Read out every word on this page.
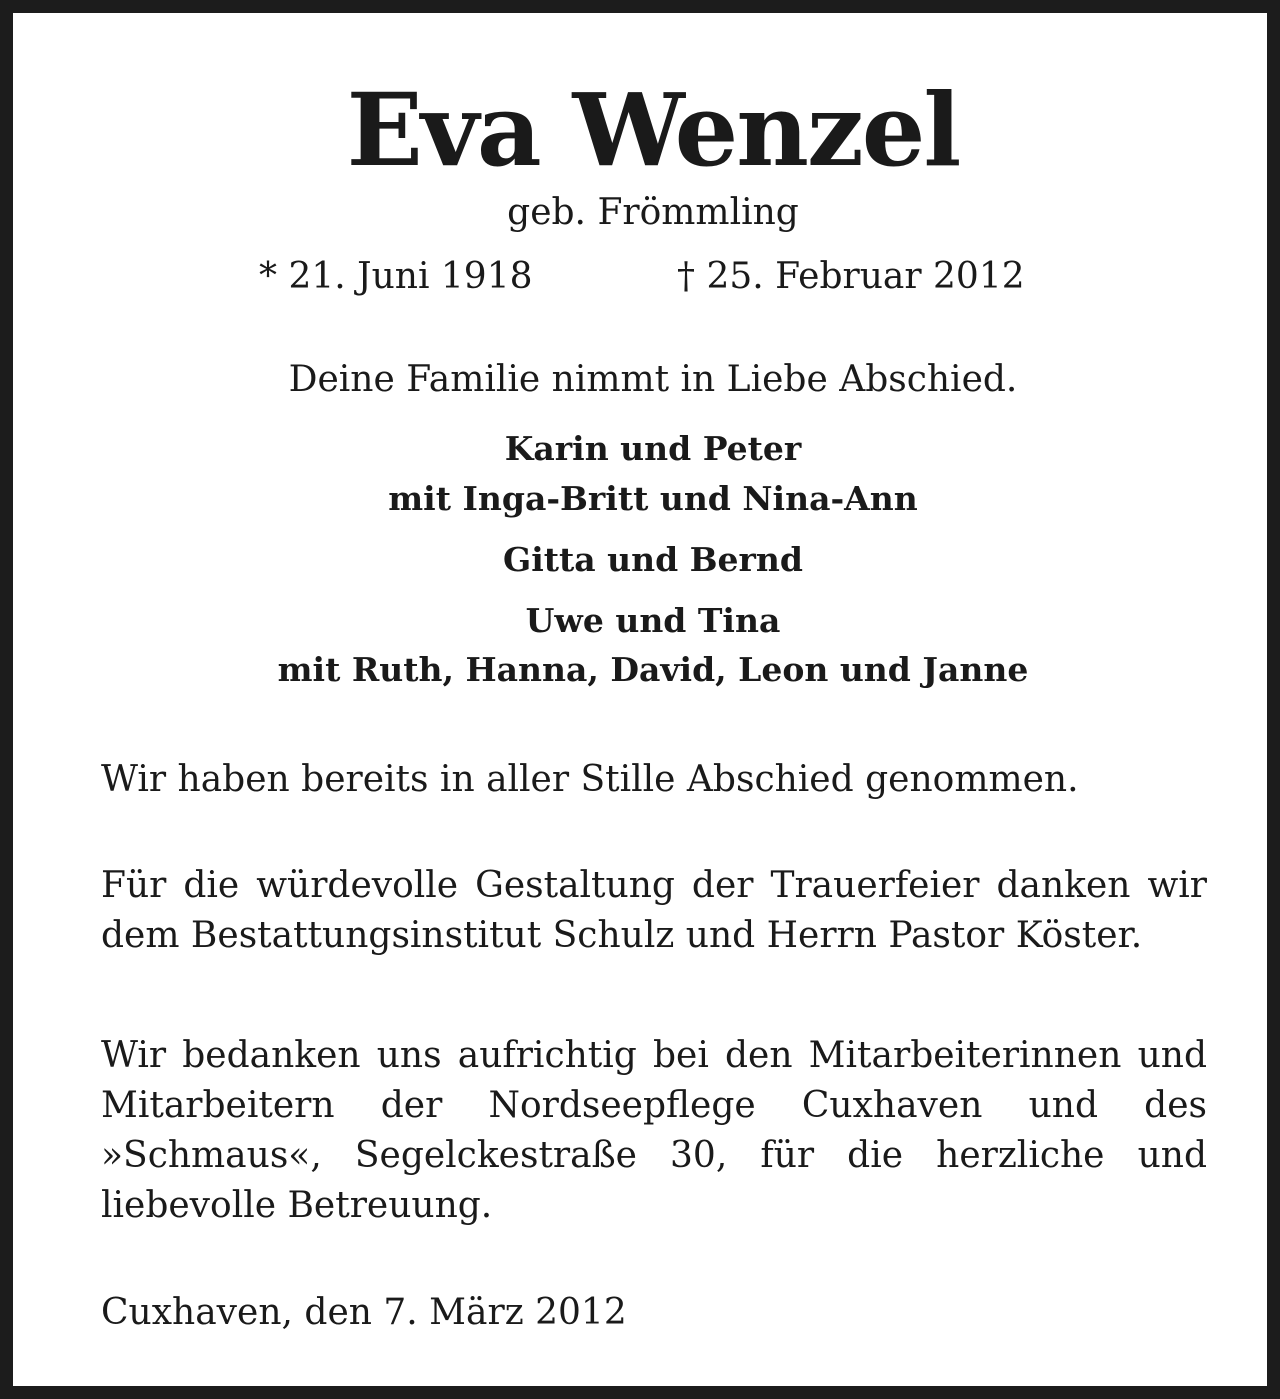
Eva Wenzel

geb. Frömmling

* 21. Juni 1918	† 25. Februar 2012

Deine Familie nimmt in Liebe Abschied.

Karin und Peter

mit Inga-Britt und Nina-Ann

Gitta und Bernd

Uwe und Tina

mit Ruth, Hanna, David, Leon und Janne

Wir haben bereits in aller Stille Abschied genommen.

Für die würdevolle Gestaltung der Trauerfeier danken wir dem Bestattungsinstitut Schulz und Herrn Pastor Köster.

Wir bedanken uns aufrichtig bei den Mitarbeiterinnen und Mitarbeitern der Nordseepflege Cuxhaven und des »Schmaus«, Segelckestraße 30, für die herzliche und liebevolle Betreuung.

Cuxhaven, den 7. März 2012
